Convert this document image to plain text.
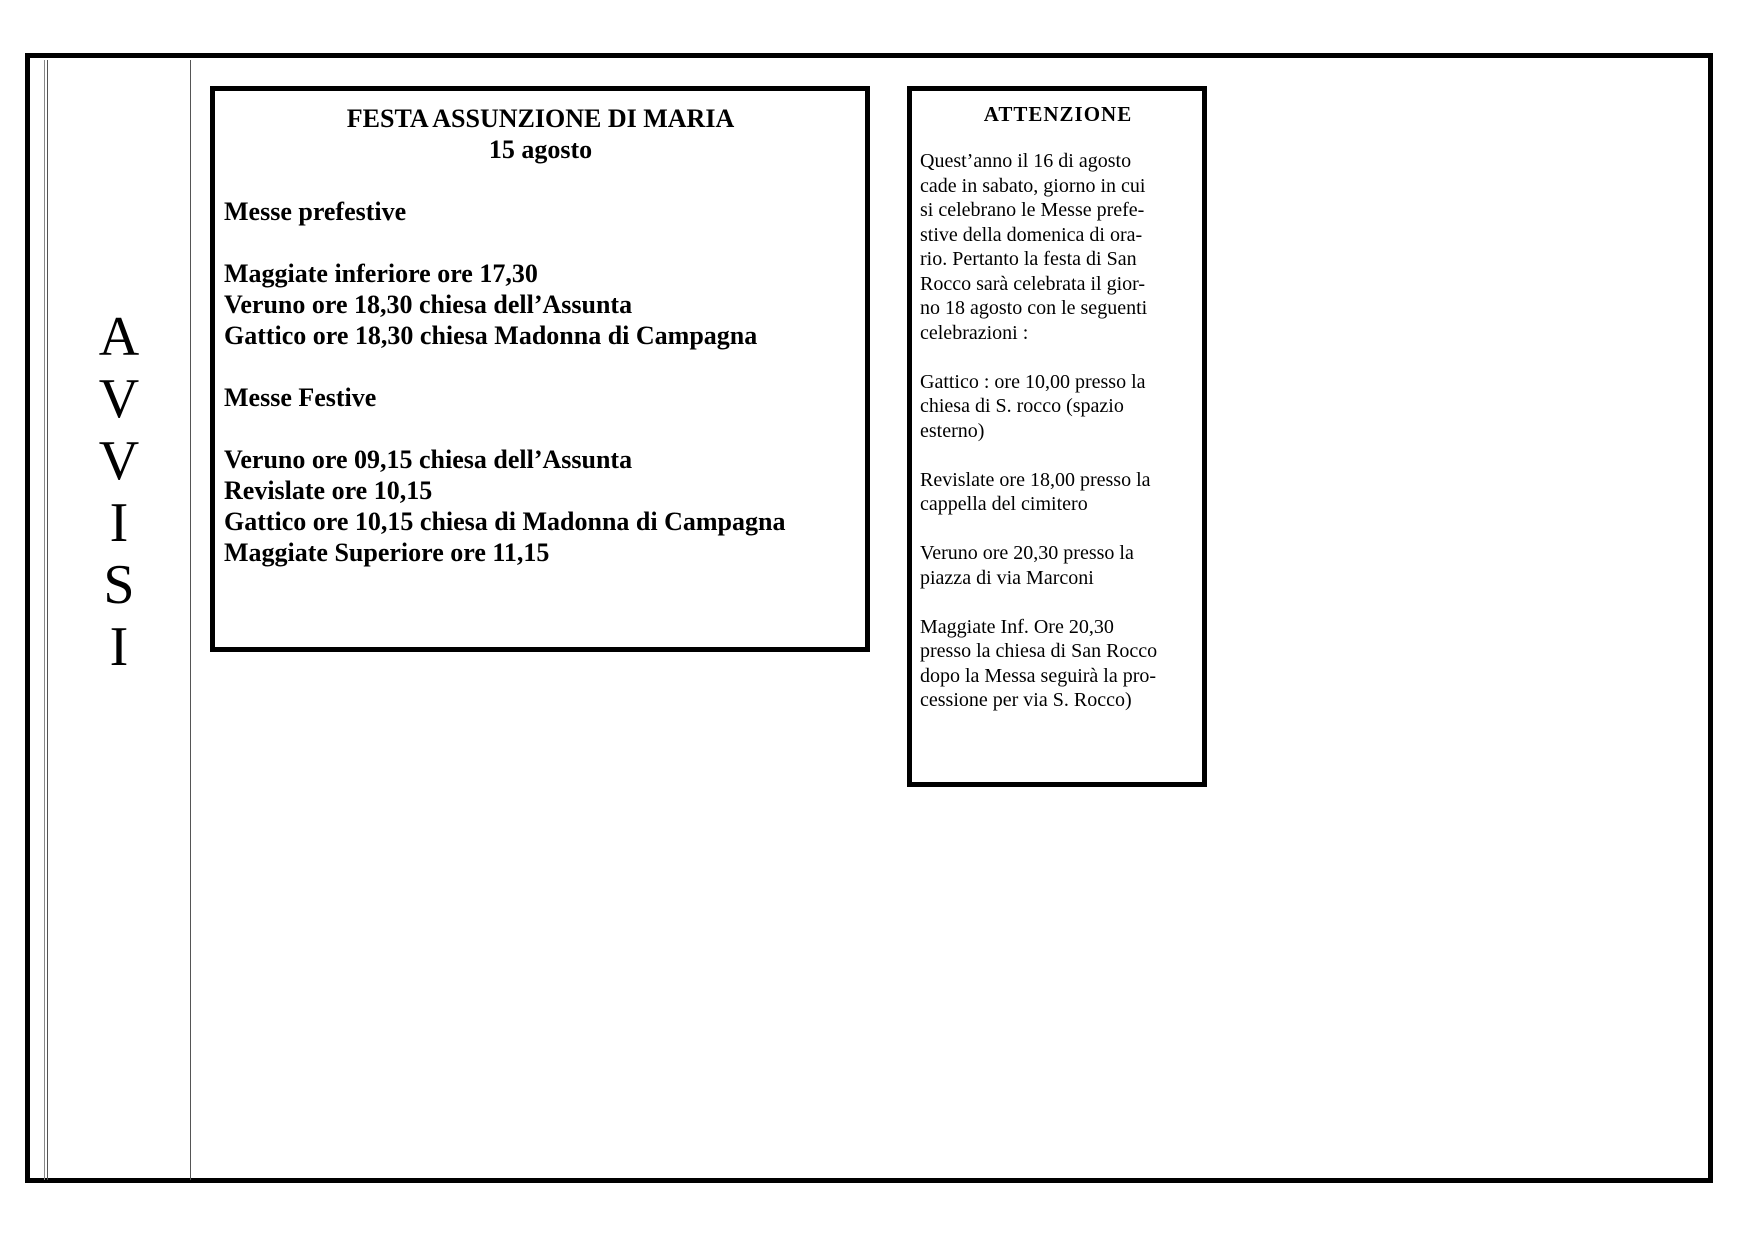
A
V
V
I
S
I
FESTA ASSUNZIONE DI MARIA
15 agosto
Messe prefestive
Maggiate inferiore ore 17,30
Veruno ore 18,30 chiesa dell’Assunta
Gattico ore 18,30 chiesa Madonna di Campagna
Messe Festive
Veruno ore 09,15 chiesa dell’Assunta
Revislate ore 10,15
Gattico ore 10,15 chiesa di Madonna di Campagna
Maggiate Superiore ore 11,15
ATTENZIONE
Quest’anno il 16 di agosto
cade in sabato, giorno in cui
si celebrano le Messe prefe-
stive della domenica di ora-
rio. Pertanto la festa di San
Rocco sarà celebrata il gior-
no 18 agosto con le seguenti
celebrazioni :
Gattico : ore 10,00 presso la
chiesa di S. rocco (spazio
esterno)
Revislate ore 18,00 presso la
cappella del cimitero
Veruno ore 20,30 presso la
piazza di via Marconi
Maggiate Inf. Ore 20,30
presso la chiesa di San Rocco
dopo la Messa seguirà la pro-
cessione per via S. Rocco)
